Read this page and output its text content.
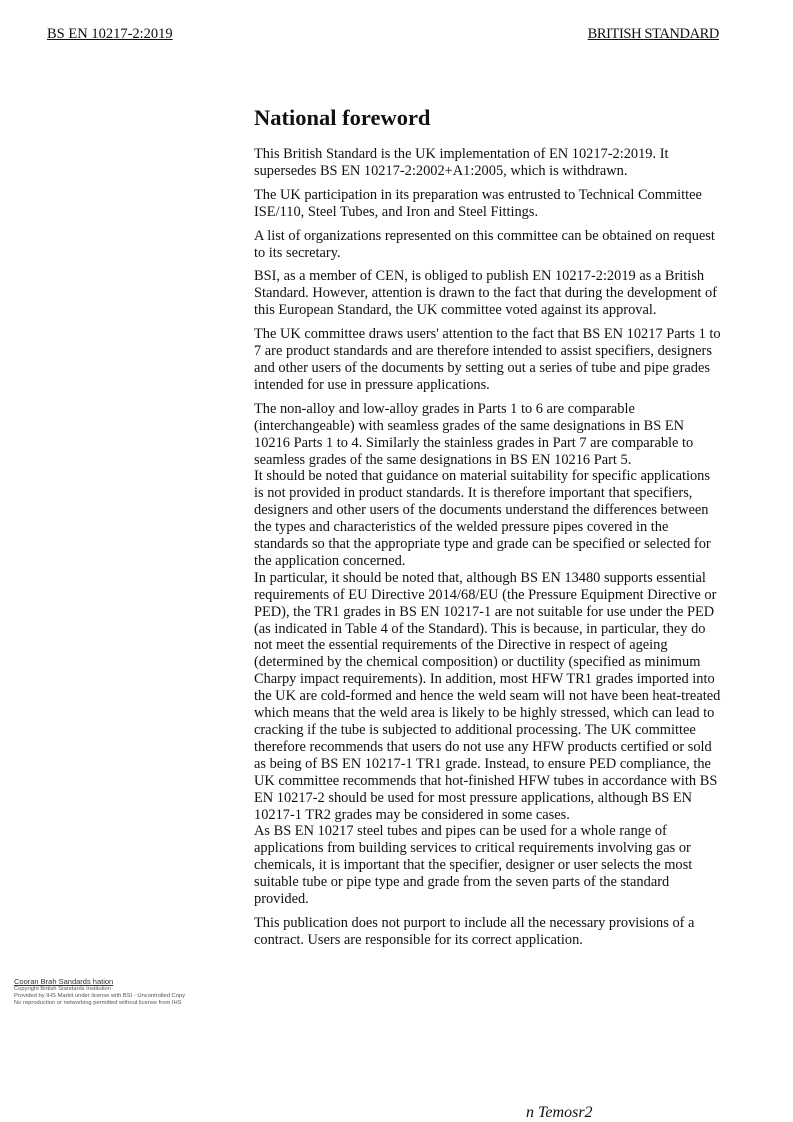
BS EN 10217-2:2019	BRITISH STANDARD
National foreword

This British Standard is the UK implementation of EN 10217-2:2019. It supersedes BS EN 10217-2:2002+A1:2005, which is withdrawn.

The UK participation in its preparation was entrusted to Technical Committee ISE/110, Steel Tubes, and Iron and Steel Fittings.

A list of organizations represented on this committee can be obtained on request to its secretary.

BSI, as a member of CEN, is obliged to publish EN 10217-2:2019 as a British Standard. However, attention is drawn to the fact that during the development of this European Standard, the UK committee voted against its approval.

The UK committee draws users' attention to the fact that BS EN 10217 Parts 1 to 7 are product standards and are therefore intended to assist specifiers, designers and other users of the documents by setting out a series of tube and pipe grades intended for use in pressure applications.

The non-alloy and low-alloy grades in Parts 1 to 6 are comparable (interchangeable) with seamless grades of the same designations in BS EN 10216 Parts 1 to 4. Similarly the stainless grades in Part 7 are comparable to seamless grades of the same designations in BS EN 10216 Part 5.

It should be noted that guidance on material suitability for specific applications is not provided in product standards. It is therefore important that specifiers, designers and other users of the documents understand the differences between the types and characteristics of the welded pressure pipes covered in the standards so that the appropriate type and grade can be specified or selected for the application concerned.

In particular, it should be noted that, although BS EN 13480 supports essential requirements of EU Directive 2014/68/EU (the Pressure Equipment Directive or PED), the TR1 grades in BS EN 10217-1 are not suitable for use under the PED (as indicated in Table 4 of the Standard). This is because, in particular, they do not meet the essential requirements of the Directive in respect of ageing (determined by the chemical composition) or ductility (specified as minimum Charpy impact requirements). In addition, most HFW TR1 grades imported into the UK are cold-formed and hence the weld seam will not have been heat-treated which means that the weld area is likely to be highly stressed, which can lead to cracking if the tube is subjected to additional processing. The UK committee therefore recommends that users do not use any HFW products certified or sold as being of BS EN 10217-1 TR1 grade. Instead, to ensure PED compliance, the UK committee recommends that hot-finished HFW tubes in accordance with BS EN 10217-2 should be used for most pressure applications, although BS EN 10217-1 TR2 grades may be considered in some cases.

As BS EN 10217 steel tubes and pipes can be used for a whole range of applications from building services to critical requirements involving gas or chemicals, it is important that the specifier, designer or user selects the most suitable tube or pipe type and grade from the seven parts of the standard provided.

This publication does not purport to include all the necessary provisions of a contract. Users are responsible for its correct application.

Cooran Brah Sandards hation
Copyright British Standards Institution
Provided by IHS Markit under license with BSI - Uncontrolled Copy
No reproduction or networking permitted without license from IHS
n Temosr2
